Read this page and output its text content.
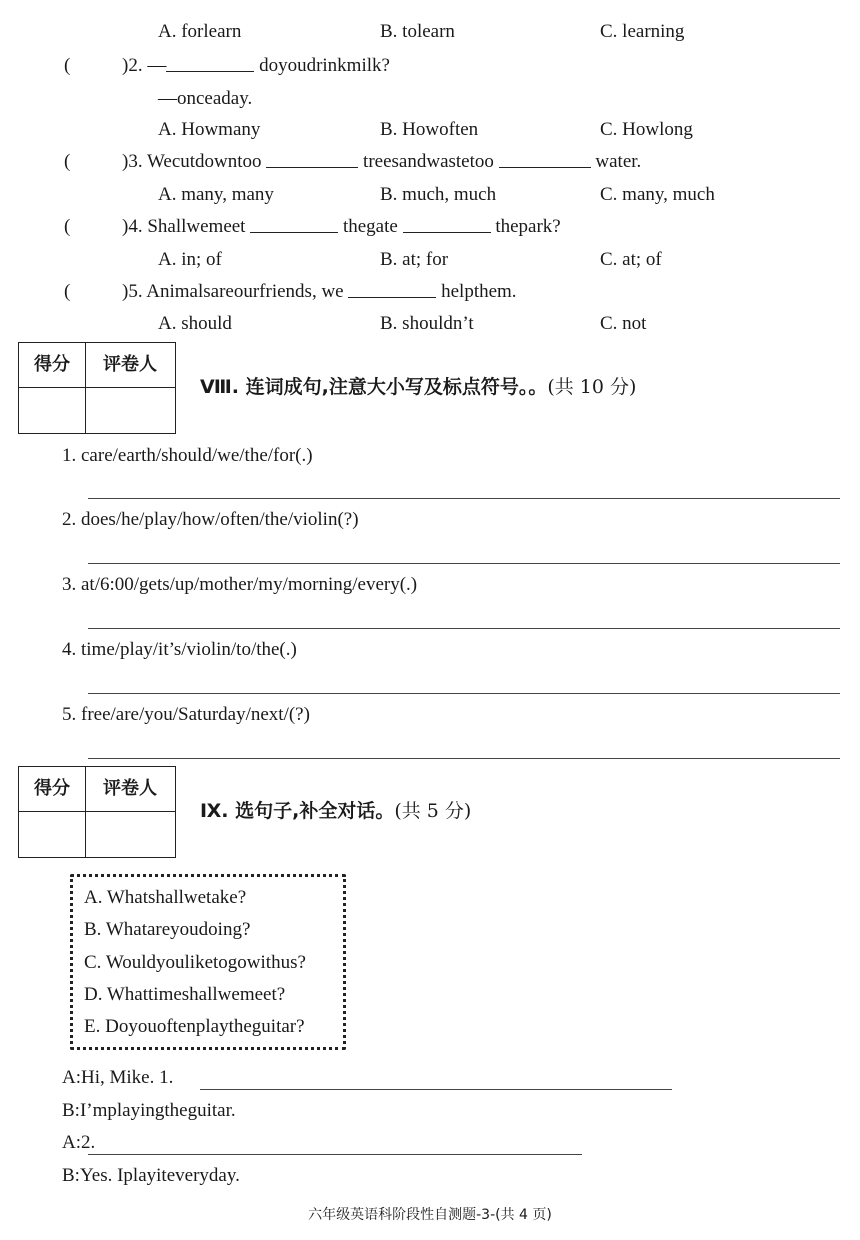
A. forlearn	B. tolearn	C. learning
(	)2. —	doyoudrinkmilk?
—onceaday.
A. Howmany	B. Howoften	C. Howlong
(	)3. Wecutdowntoo	treesandwastetoo	water.
A. many, many	B. much, much	C. many, much
(	)4. Shallwemeet	thegate	thepark?
A. in; of	B. at; for	C. at; of
(	)5. Animalsareourfriends, we	helpthem.
A. should	B. shouldn’t	C. not
得分	评卷人
Ⅷ. 连词成句,注意大小写及标点符号。。(共 10 分)
1. care/earth/should/we/the/for(.)
2. does/he/play/how/often/the/violin(?)
3. at/6:00/gets/up/mother/my/morning/every(.)
4. time/play/it’s/violin/to/the(.)
5. free/are/you/Saturday/next/(?)
得分	评卷人
Ⅸ. 选句子,补全对话。(共 5 分)
A. Whatshallwetake?
B. Whatareyoudoing?
C. Wouldyouliketogowithus?
D. Whattimeshallwemeet?
E. Doyouoftenplaytheguitar?
A:Hi, Mike. 1.
B:I’mplayingtheguitar.
A:2.
B:Yes. Iplayiteveryday.
六年级英语科阶段性自测题-3-(共 4 页)
